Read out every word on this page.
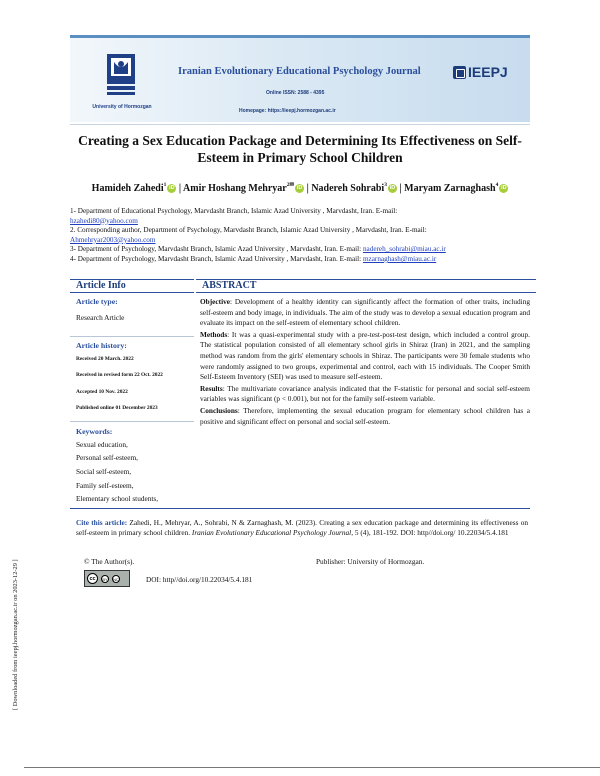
University of Hormozgan
Iranian Evolutionary Educational Psychology Journal
Online ISSN: 2588 - 4395
Homepage: https://ieepj.hormozgan.ac.ir
IEEPJ
Creating a Sex Education Package and Determining Its Effectiveness on Self-Esteem in Primary School Children
Hamideh Zahedi$^1$ iD | Amir Hoshang Mehryar$^{2✉}$ iD | Nadereh Sohrabi$^3$ iD | Maryam Zarnaghash$^4$ iD

1- Department of Educational Psychology, Marvdasht Branch, Islamic Azad University , Marvdasht, Iran. E-mail:
hzahedi80@yahoo.com

2. Corresponding author, Department of Psychology, Marvdasht Branch, Islamic Azad University , Marvdasht, Iran. E-mail:
Ahmehryar2003@yahoo.com

3- Department of Psychology, Marvdasht Branch, Islamic Azad University , Marvdasht, Iran. E-mail: nadereh_sohrabi@miau.ac.ir

4- Department of Psychology, Marvdasht Branch, Islamic Azad University , Marvdasht, Iran. E-mail: mzarnaghash@miau.ac.ir

Article Info	ABSTRACT
Article type:
Research Article
Article history:
Received 20 March. 2022
Received in revised form 22 Oct. 2022
Accepted 10 Nov. 2022
Published online 01 December 2023
Keywords:
Sexual education,
Personal self-esteem,
Social self-esteem,
Family self-esteem,
Elementary school students,

Objective: Development of a healthy identity can significantly affect the formation of other traits, including self-esteem and body image, in individuals. The aim of the study was to develop a sexual education program and evaluate its impact on the self-esteem of elementary school children.

Methods: It was a quasi-experimental study with a pre-test-post-test design, which included a control group. The statistical population consisted of all elementary school girls in Shiraz (Iran) in 2021, and the sampling method was random from the girls' elementary schools in Shiraz. The participants were 30 female students who were randomly assigned to two groups, experimental and control, each with 15 individuals. The Cooper Smith Self-Esteem Inventory (SEI) was used to measure self-esteem.

Results: The multivariate covariance analysis indicated that the F-statistic for personal and social self-esteem variables was significant (p < 0.001), but not for the family self-esteem variable.

Conclusions: Therefore, implementing the sexual education program for elementary school children has a positive and significant effect on personal and social self-esteem.

Cite this article: Zahedi, H., Mehryar, A., Sohrabi, N & Zarnaghash, M. (2023). Creating a sex education package and determining its effectiveness on self-esteem in primary school children. Iranian Evolutionary Educational Psychology Journal, 5 (4), 181-192. DOI: http//doi.org/ 10.22034/5.4.181
© The Author(s).	Publisher: University of Hormozgan.
cc	BY	NC	DOI: http//doi.org/10.22034/5.4.181
[ Downloaded from ieepj.hormozgan.ac.ir on 2023-12-29 ]
